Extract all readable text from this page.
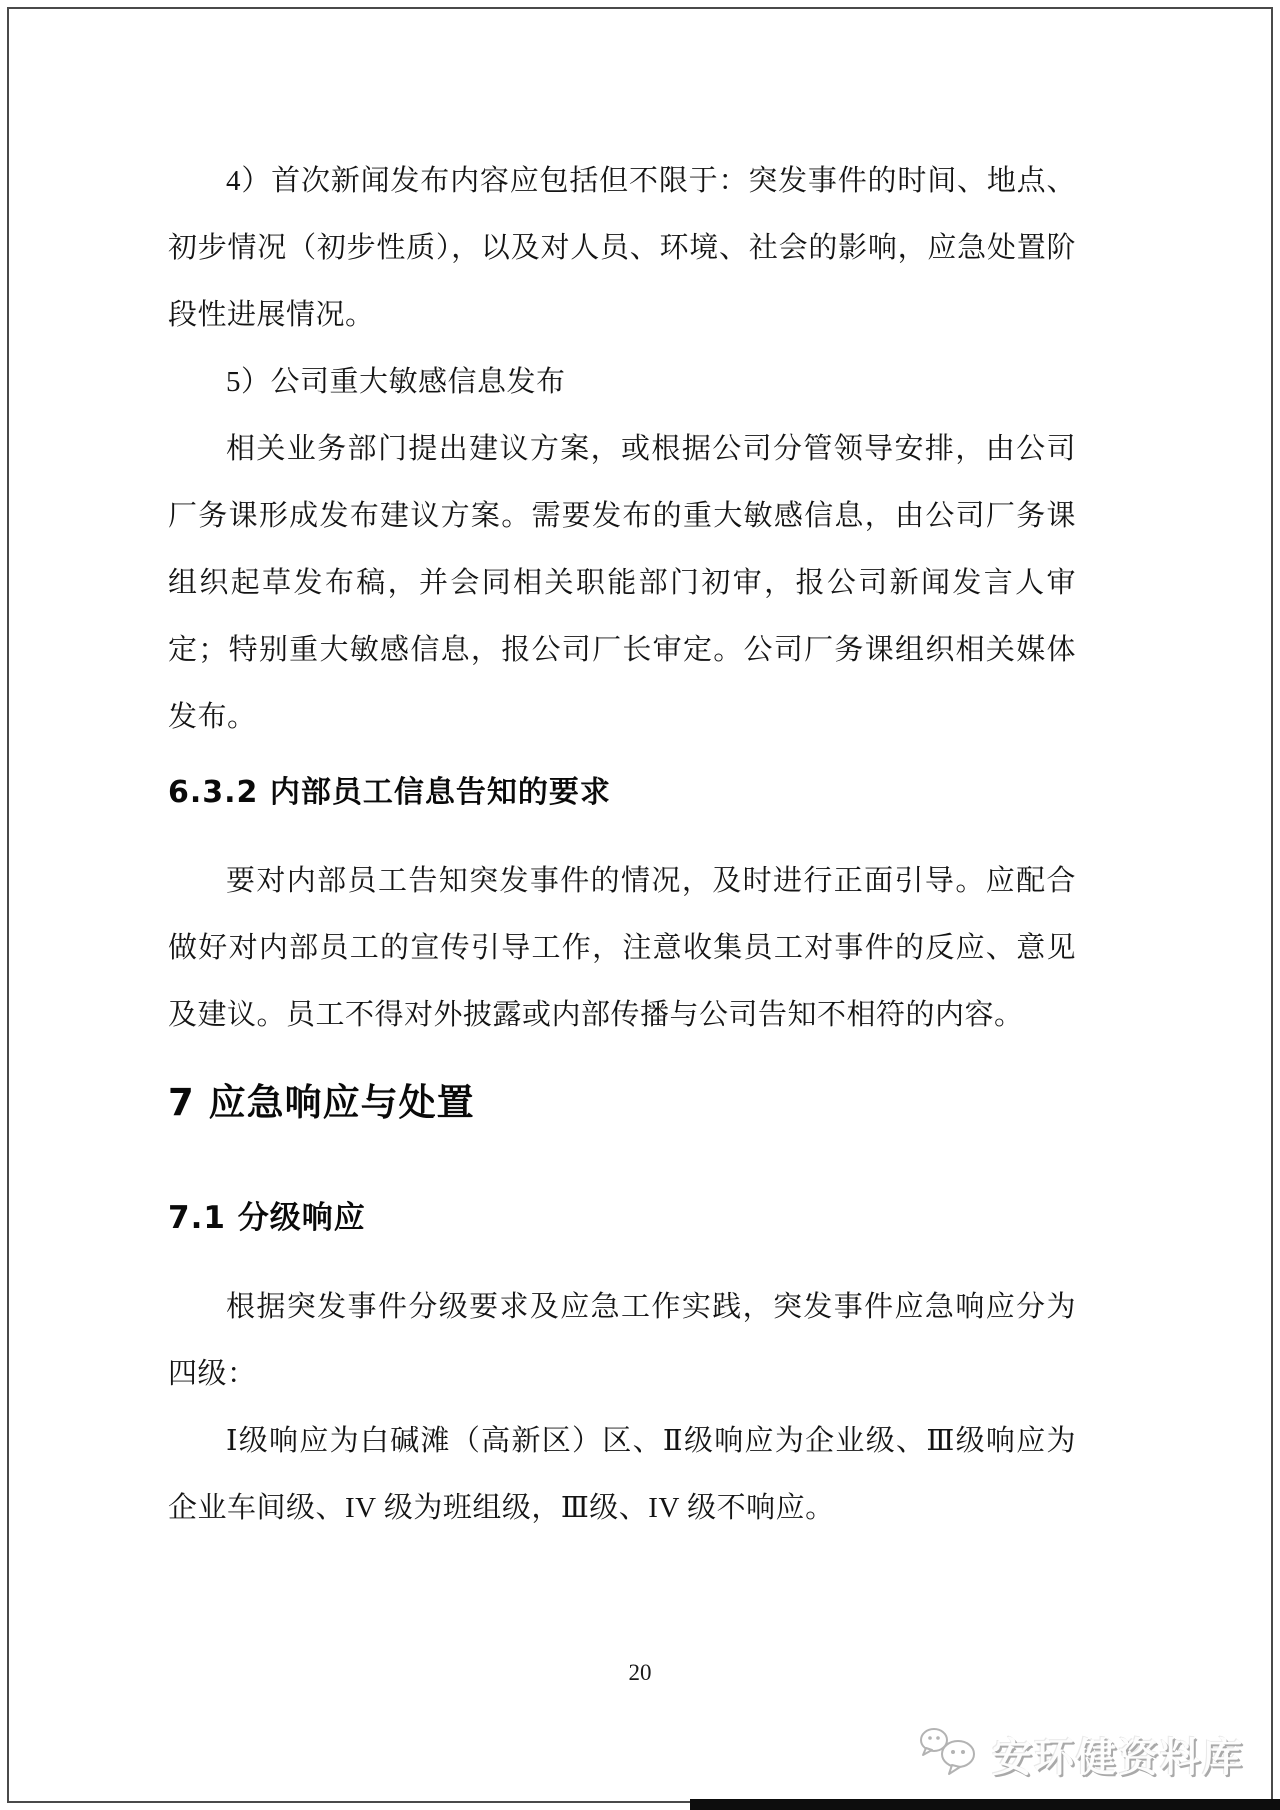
4）首次新闻发布内容应包括但不限于：突发事件的时间、地点、初步情况（初步性质），以及对人员、环境、社会的影响，应急处置阶段性进展情况。

5）公司重大敏感信息发布

相关业务部门提出建议方案，或根据公司分管领导安排，由公司厂务课形成发布建议方案。需要发布的重大敏感信息，由公司厂务课组织起草发布稿，并会同相关职能部门初审，报公司新闻发言人审定；特别重大敏感信息，报公司厂长审定。公司厂务课组织相关媒体发布。

6.3.2 内部员工信息告知的要求

要对内部员工告知突发事件的情况，及时进行正面引导。应配合做好对内部员工的宣传引导工作，注意收集员工对事件的反应、意见及建议。员工不得对外披露或内部传播与公司告知不相符的内容。

7 应急响应与处置
7.1 分级响应

根据突发事件分级要求及应急工作实践，突发事件应急响应分为四级：

Ⅰ级响应为白碱滩（高新区）区、Ⅱ级响应为企业级、Ⅲ级响应为企业车间级、IV 级为班组级，Ⅲ级、IV 级不响应。

20
安环健资料库
